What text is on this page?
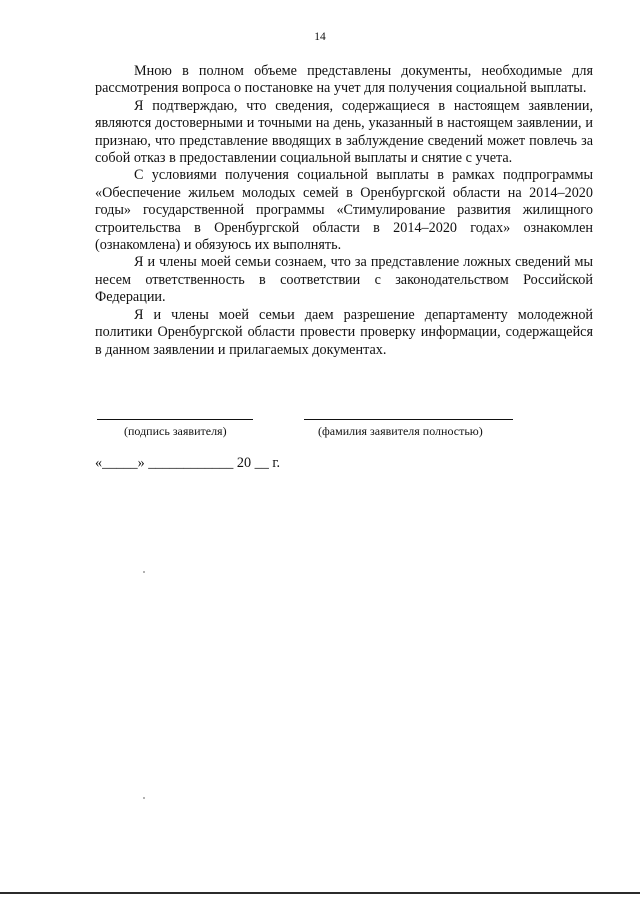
14

Мною в полном объеме представлены документы, необходимые для рассмотрения вопроса о постановке на учет для получения социальной выплаты.

Я подтверждаю, что сведения, содержащиеся в настоящем заявлении, являются достоверными и точными на день, указанный в настоящем заявлении, и признаю, что представление вводящих в заблуждение сведений может повлечь за собой отказ в предоставлении социальной выплаты и снятие с учета.

С условиями получения социальной выплаты в рамках подпрограммы «Обеспечение жильем молодых семей в Оренбургской области на 2014–2020 годы» государственной программы «Стимулирование развития жилищного строительства в Оренбургской области в 2014–2020 годах» ознакомлен (ознакомлена) и обязуюсь их выполнять.

Я и члены моей семьи сознаем, что за представление ложных сведений мы несем ответственность в соответствии с законодательством Российской Федерации.

Я и члены моей семьи даем разрешение департаменту молодежной политики Оренбургской области провести проверку информации, содержащейся в данном заявлении и прилагаемых документах.

(подпись заявителя)	(фамилия заявителя полностью)
«_____» ____________ 20 __ г.
